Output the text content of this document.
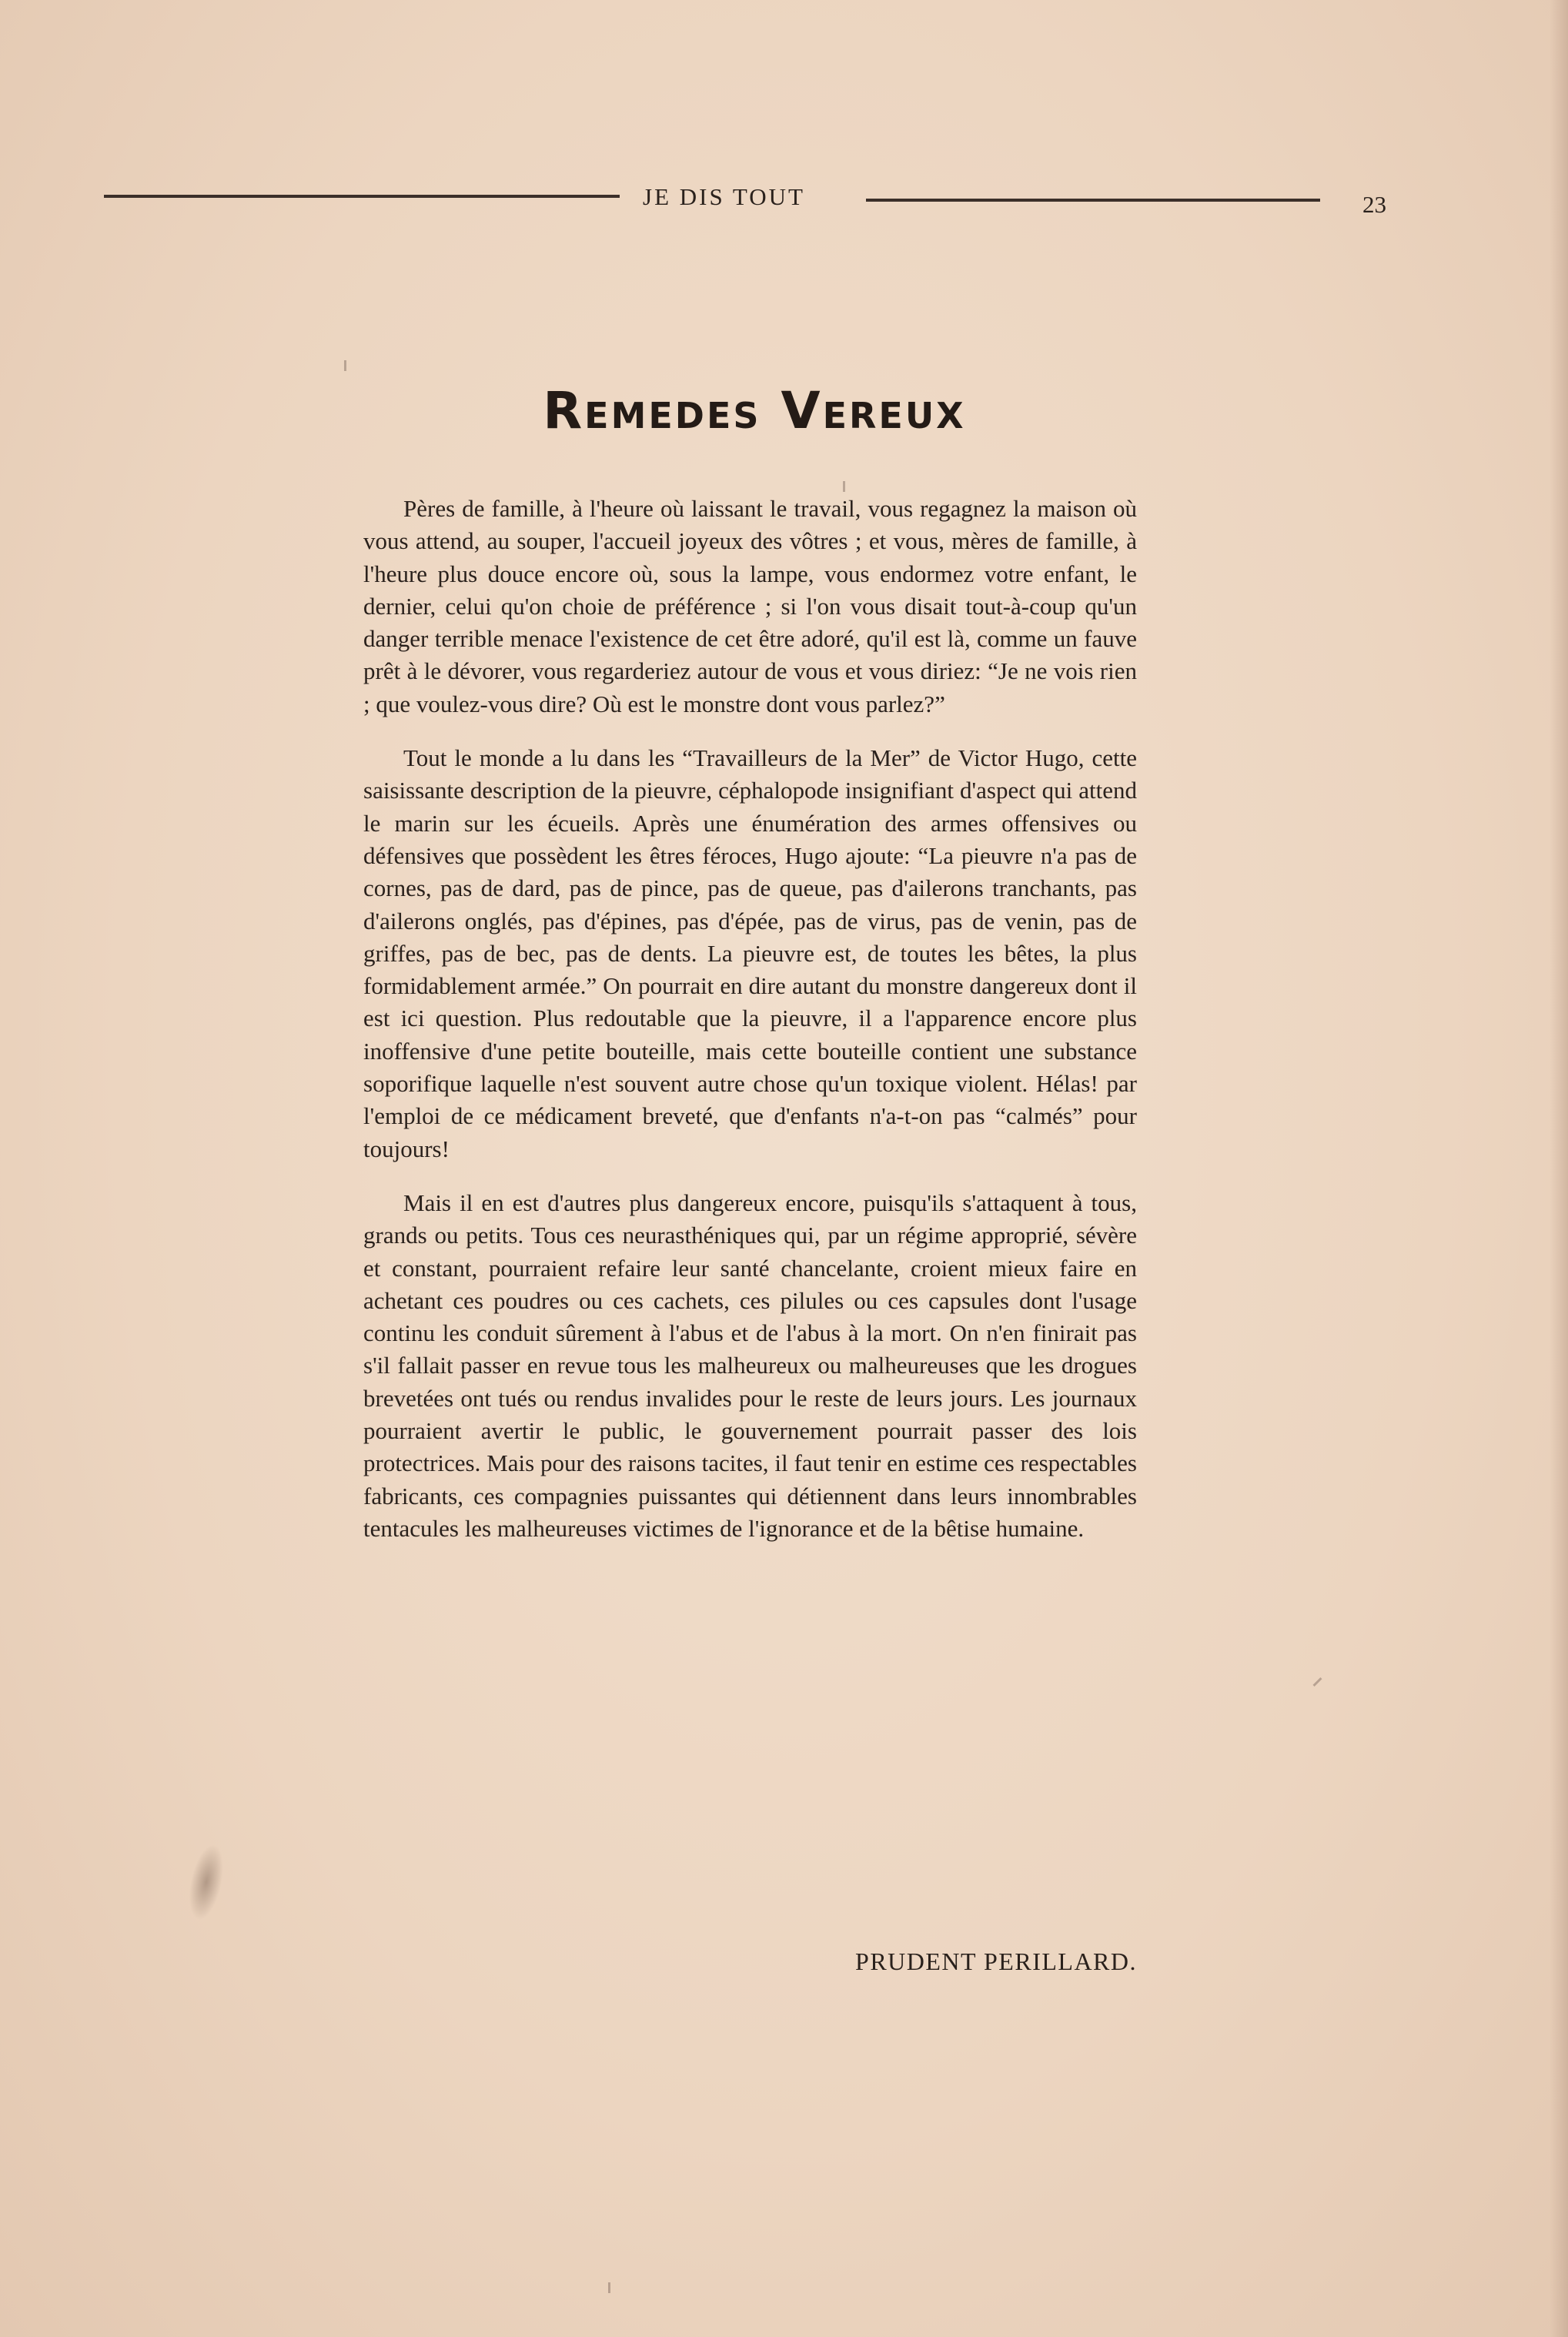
JE DIS TOUT	23
Remedes Vereux

Pères de famille, à l'heure où laissant le travail, vous regagnez la maison où vous attend, au souper, l'accueil joyeux des vôtres ; et vous, mères de famille, à l'heure plus douce encore où, sous la lampe, vous endormez votre enfant, le dernier, celui qu'on choie de préférence ; si l'on vous disait tout-à-coup qu'un danger terrible menace l'existence de cet être adoré, qu'il est là, comme un fauve prêt à le dévorer, vous regarderiez autour de vous et vous diriez: “Je ne vois rien ; que voulez-vous dire? Où est le monstre dont vous parlez?”

Tout le monde a lu dans les “Travailleurs de la Mer” de Victor Hugo, cette saisissante description de la pieuvre, céphalopode insignifiant d'aspect qui attend le marin sur les écueils. Après une énumération des armes offensives ou défensives que possèdent les êtres féroces, Hugo ajoute: “La pieuvre n'a pas de cornes, pas de dard, pas de pince, pas de queue, pas d'ailerons tranchants, pas d'ailerons onglés, pas d'épines, pas d'épée, pas de virus, pas de venin, pas de griffes, pas de bec, pas de dents. La pieuvre est, de toutes les bêtes, la plus formidablement armée.” On pourrait en dire autant du monstre dangereux dont il est ici question. Plus redoutable que la pieuvre, il a l'apparence encore plus inoffensive d'une petite bouteille, mais cette bouteille contient une substance soporifique laquelle n'est souvent autre chose qu'un toxique violent. Hélas! par l'emploi de ce médicament breveté, que d'enfants n'a-t-on pas “calmés” pour toujours!

Mais il en est d'autres plus dangereux encore, puisqu'ils s'attaquent à tous, grands ou petits. Tous ces neurasthéniques qui, par un régime approprié, sévère et constant, pourraient refaire leur santé chancelante, croient mieux faire en achetant ces poudres ou ces cachets, ces pilules ou ces capsules dont l'usage continu les conduit sûrement à l'abus et de l'abus à la mort. On n'en finirait pas s'il fallait passer en revue tous les malheureux ou malheureuses que les drogues brevetées ont tués ou rendus invalides pour le reste de leurs jours. Les journaux pourraient avertir le public, le gouvernement pourrait passer des lois protectrices. Mais pour des raisons tacites, il faut tenir en estime ces respectables fabricants, ces compagnies puissantes qui détiennent dans leurs innombrables tentacules les malheureuses victimes de l'ignorance et de la bêtise humaine.

PRUDENT PERILLARD.
